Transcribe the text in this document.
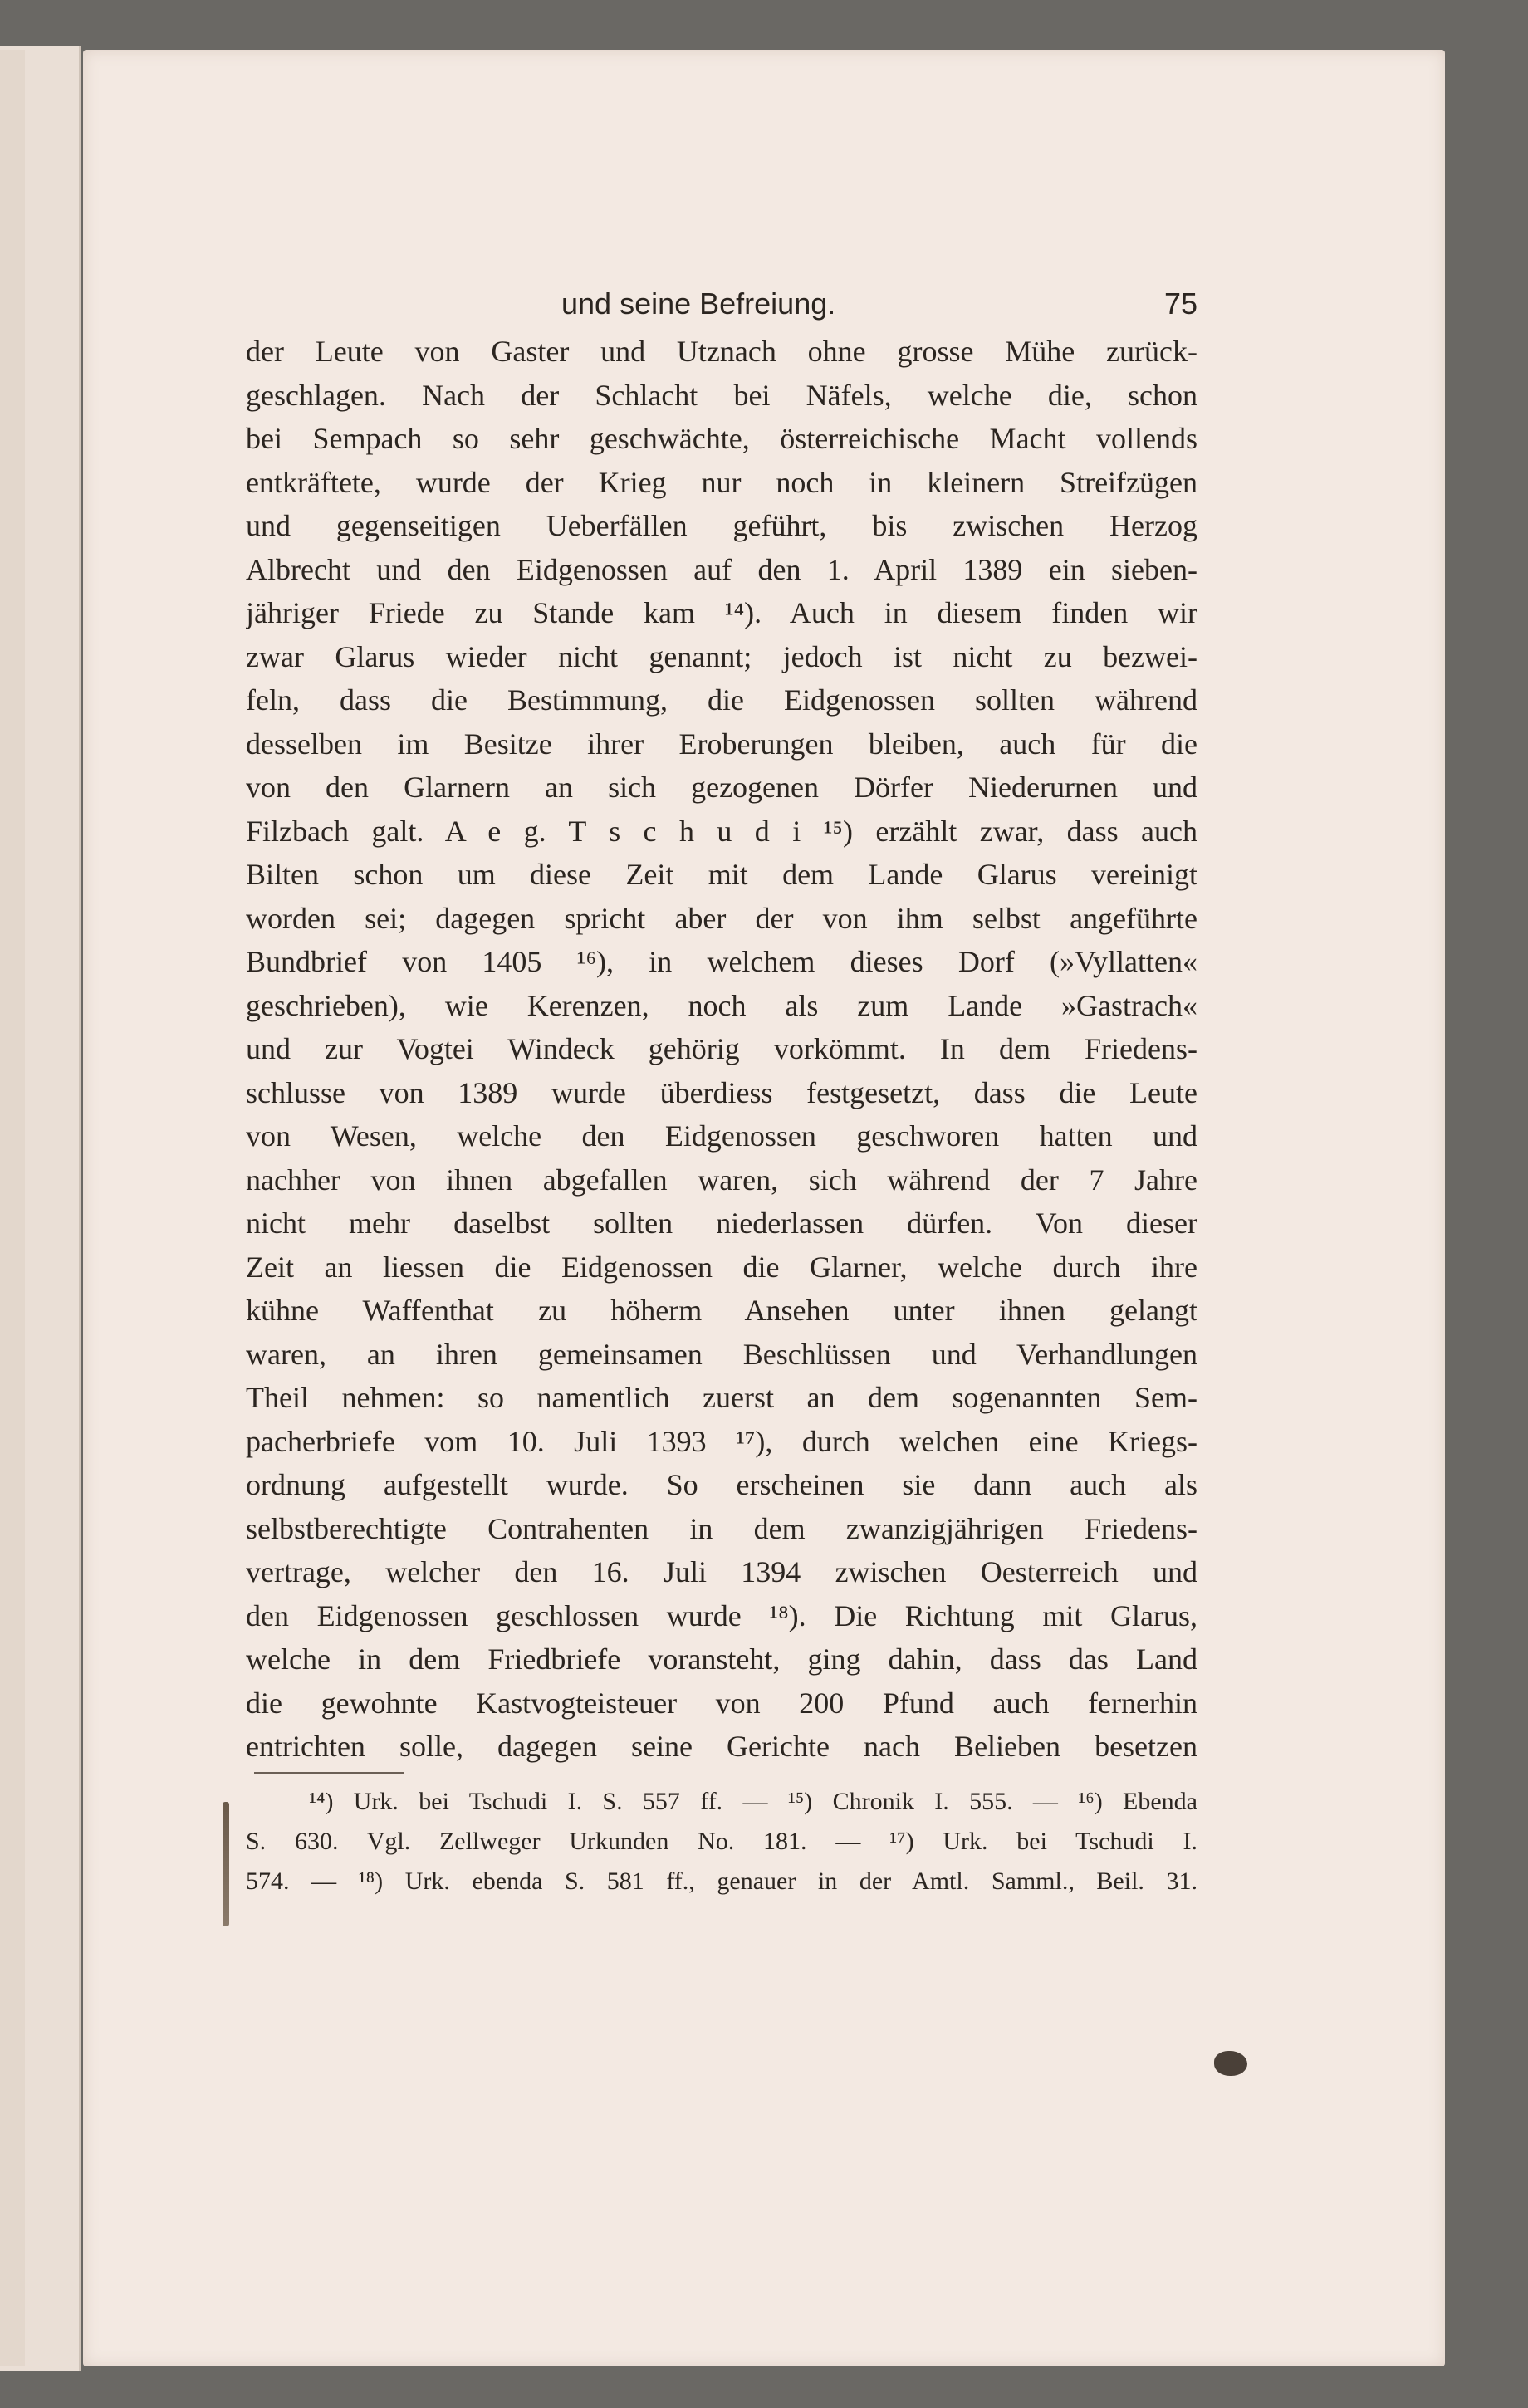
und seine Befreiung.	75
der Leute von Gaster und Utznach ohne grosse Mühe zurück-
geschlagen. Nach der Schlacht bei Näfels, welche die, schon
bei Sempach so sehr geschwächte, österreichische Macht vollends
entkräftete, wurde der Krieg nur noch in kleinern Streifzügen
und gegenseitigen Ueberfällen geführt, bis zwischen Herzog
Albrecht und den Eidgenossen auf den 1. April 1389 ein sieben-
jähriger Friede zu Stande kam ¹⁴). Auch in diesem finden wir
zwar Glarus wieder nicht genannt; jedoch ist nicht zu bezwei-
feln, dass die Bestimmung, die Eidgenossen sollten während
desselben im Besitze ihrer Eroberungen bleiben, auch für die
von den Glarnern an sich gezogenen Dörfer Niederurnen und
Filzbach galt. A e g. T s c h u d i ¹⁵) erzählt zwar, dass auch
Bilten schon um diese Zeit mit dem Lande Glarus vereinigt
worden sei; dagegen spricht aber der von ihm selbst angeführte
Bundbrief von 1405 ¹⁶), in welchem dieses Dorf (»Vyllatten«
geschrieben), wie Kerenzen, noch als zum Lande »Gastrach«
und zur Vogtei Windeck gehörig vorkömmt. In dem Friedens-
schlusse von 1389 wurde überdiess festgesetzt, dass die Leute
von Wesen, welche den Eidgenossen geschworen hatten und
nachher von ihnen abgefallen waren, sich während der 7 Jahre
nicht mehr daselbst sollten niederlassen dürfen. Von dieser
Zeit an liessen die Eidgenossen die Glarner, welche durch ihre
kühne Waffenthat zu höherm Ansehen unter ihnen gelangt
waren, an ihren gemeinsamen Beschlüssen und Verhandlungen
Theil nehmen: so namentlich zuerst an dem sogenannten Sem-
pacherbriefe vom 10. Juli 1393 ¹⁷), durch welchen eine Kriegs-
ordnung aufgestellt wurde. So erscheinen sie dann auch als
selbstberechtigte Contrahenten in dem zwanzigjährigen Friedens-
vertrage, welcher den 16. Juli 1394 zwischen Oesterreich und
den Eidgenossen geschlossen wurde ¹⁸). Die Richtung mit Glarus,
welche in dem Friedbriefe voransteht, ging dahin, dass das Land
die gewohnte Kastvogteisteuer von 200 Pfund auch fernerhin
entrichten solle, dagegen seine Gerichte nach Belieben besetzen
¹⁴) Urk. bei Tschudi I. S. 557 ff. — ¹⁵) Chronik I. 555. — ¹⁶) Ebenda
S. 630. Vgl. Zellweger Urkunden No. 181. — ¹⁷) Urk. bei Tschudi I.
574. — ¹⁸) Urk. ebenda S. 581 ff., genauer in der Amtl. Samml., Beil. 31.
